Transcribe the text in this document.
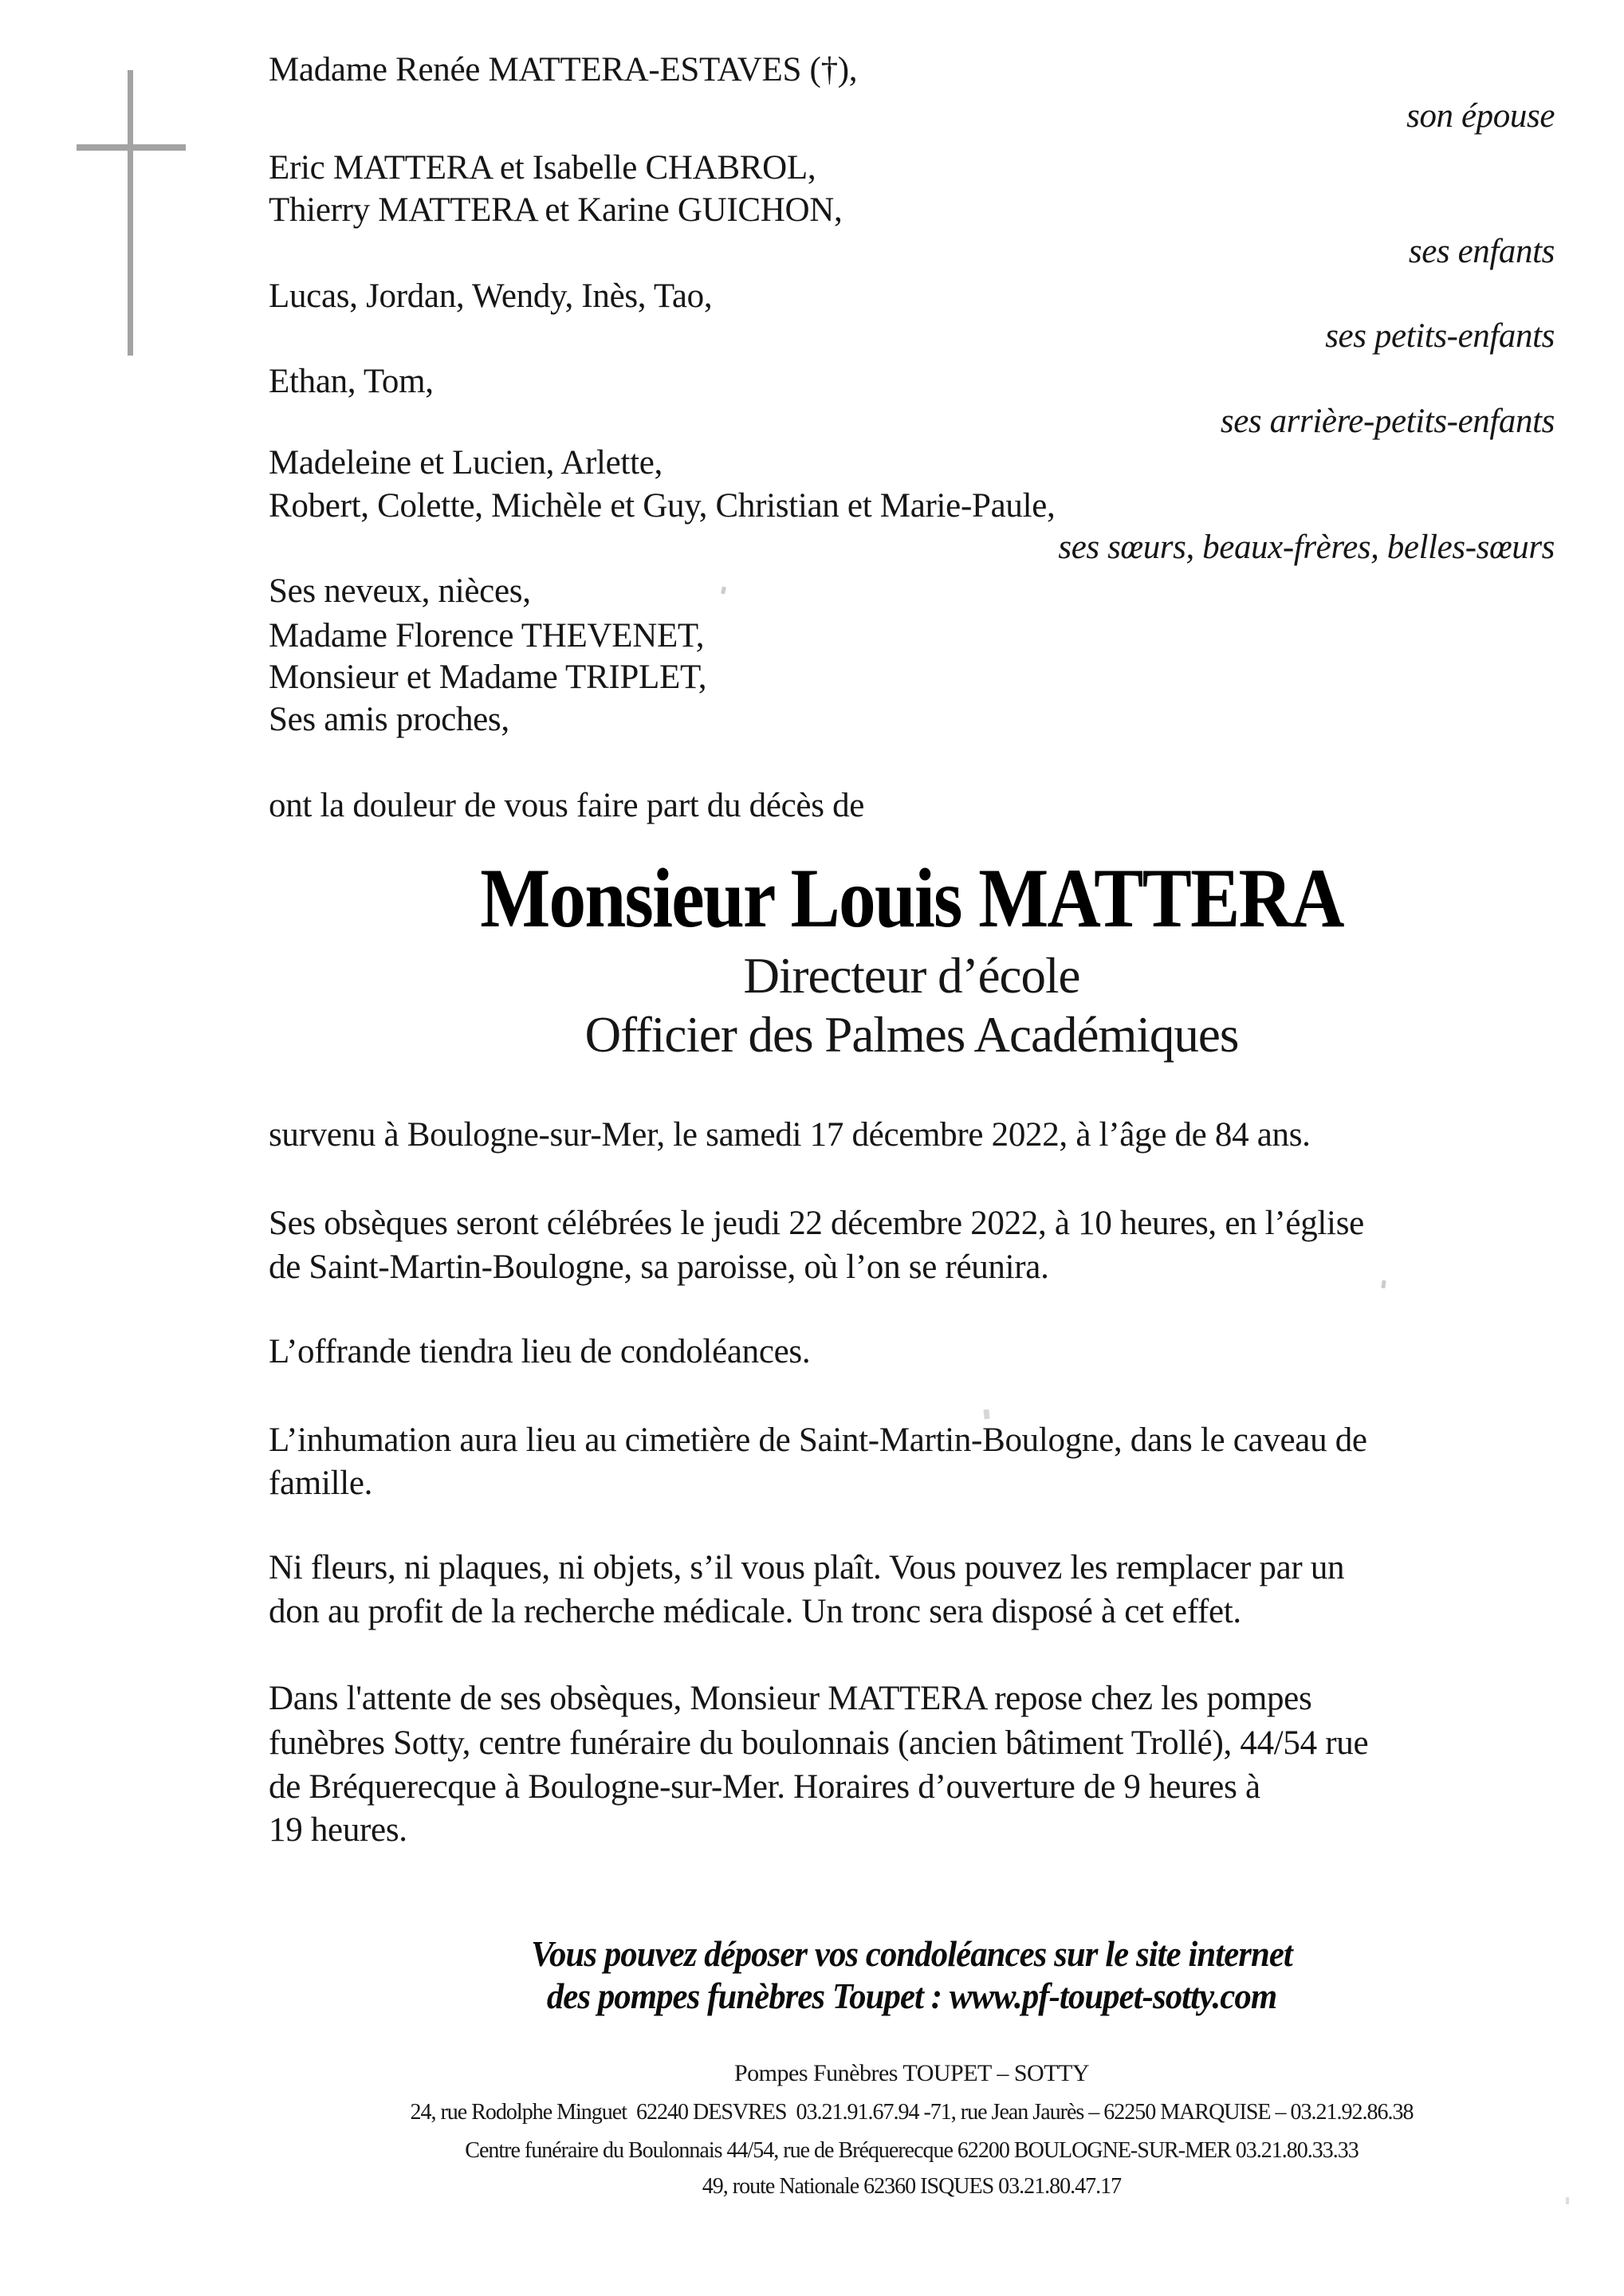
Madame Renée MATTERA-ESTAVES (†),
son épouse
Eric MATTERA et Isabelle CHABROL,
Thierry MATTERA et Karine GUICHON,
ses enfants
Lucas, Jordan, Wendy, Inès, Tao,
ses petits-enfants
Ethan, Tom,
ses arrière-petits-enfants
Madeleine et Lucien, Arlette,
Robert, Colette, Michèle et Guy, Christian et Marie-Paule,
ses sœurs, beaux-frères, belles-sœurs
Ses neveux, nièces,
Madame Florence THEVENET,
Monsieur et Madame TRIPLET,
Ses amis proches,
ont la douleur de vous faire part du décès de
Monsieur Louis MATTERA
Directeur d’école
Officier des Palmes Académiques
survenu à Boulogne-sur-Mer, le samedi 17 décembre 2022, à l’âge de 84 ans.
Ses obsèques seront célébrées le jeudi 22 décembre 2022, à 10 heures, en l’église
de Saint-Martin-Boulogne, sa paroisse, où l’on se réunira.
L’offrande tiendra lieu de condoléances.
L’inhumation aura lieu au cimetière de Saint-Martin-Boulogne, dans le caveau de
famille.
Ni fleurs, ni plaques, ni objets, s’il vous plaît. Vous pouvez les remplacer par un
don au profit de la recherche médicale. Un tronc sera disposé à cet effet.
Dans l'attente de ses obsèques, Monsieur MATTERA repose chez les pompes
funèbres Sotty, centre funéraire du boulonnais (ancien bâtiment Trollé), 44/54 rue
de Bréquerecque à Boulogne-sur-Mer. Horaires d’ouverture de 9 heures à
19 heures.
Vous pouvez déposer vos condoléances sur le site internet
des pompes funèbres Toupet : www.pf-toupet-sotty.com
Pompes Funèbres TOUPET – SOTTY
24, rue Rodolphe Minguet  62240 DESVRES  03.21.91.67.94 -71, rue Jean Jaurès – 62250 MARQUISE – 03.21.92.86.38
Centre funéraire du Boulonnais 44/54, rue de Bréquerecque 62200 BOULOGNE-SUR-MER 03.21.80.33.33
49, route Nationale 62360 ISQUES 03.21.80.47.17
